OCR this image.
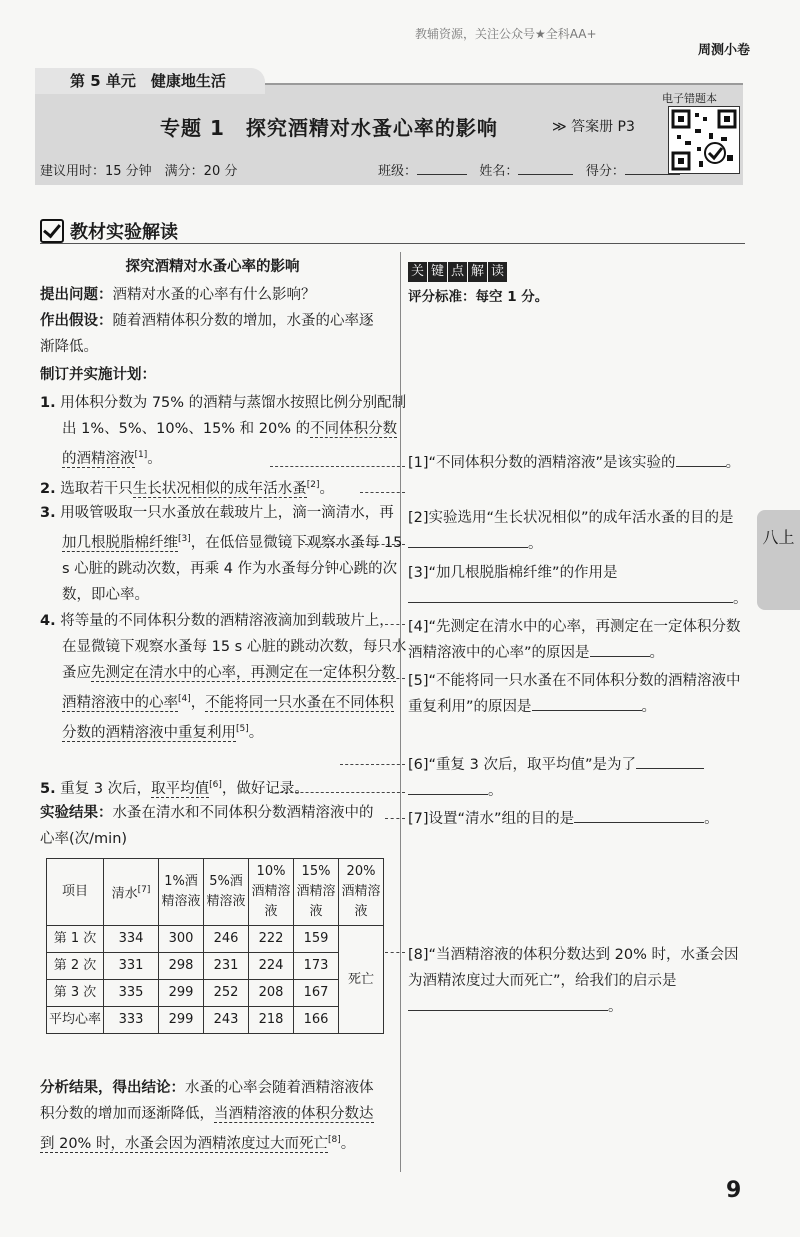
教辅资源，关注公众号★全科AA+
周测小卷
第 5 单元　健康地生活
专题 1　探究酒精对水蚤心率的影响	≫ 答案册 P3
电子错题本
建议用时：15 分钟　满分：20 分	班级：	姓名：	得分：
教材实验解读
探究酒精对水蚤心率的影响
提出问题：酒精对水蚤的心率有什么影响？
作出假设：随着酒精体积分数的增加，水蚤的心率逐渐降低。
制订并实施计划：
1. 用体积分数为 75% 的酒精与蒸馏水按照比例分别配制出 1%、5%、10%、15% 和 20% 的不同体积分数的酒精溶液[1]。
2. 选取若干只生长状况相似的成年活水蚤[2]。
3. 用吸管吸取一只水蚤放在载玻片上，滴一滴清水，再加几根脱脂棉纤维[3]，在低倍显微镜下观察水蚤每 15 s 心脏的跳动次数，再乘 4 作为水蚤每分钟心跳的次数，即心率。
4. 将等量的不同体积分数的酒精溶液滴加到载玻片上，在显微镜下观察水蚤每 15 s 心脏的跳动次数，每只水蚤应先测定在清水中的心率，再测定在一定体积分数酒精溶液中的心率[4]，不能将同一只水蚤在不同体积分数的酒精溶液中重复利用[5]。
5. 重复 3 次后，取平均值[6]，做好记录。
实验结果：水蚤在清水和不同体积分数酒精溶液中的心率(次/min)
项目	清水[7]	1%酒精溶液	5%酒精溶液	10%酒精溶液	15%酒精溶液	20%酒精溶液
第 1 次	334	300	246	222	159	死亡
第 2 次	331	298	231	224	173	
第 3 次	335	299	252	208	167	
平均心率	333	299	243	218	166	
分析结果，得出结论：水蚤的心率会随着酒精溶液体积分数的增加而逐渐降低，当酒精溶液的体积分数达到 20% 时，水蚤会因为酒精浓度过大而死亡[8]。
关 键 点 解 读
评分标准：每空 1 分。
[1]“不同体积分数的酒精溶液”是该实验的	。
[2]实验选用“生长状况相似”的成年活水蚤的目的是。
[3]“加几根脱脂棉纤维”的作用是
。
[4]“先测定在清水中的心率，再测定在一定体积分数酒精溶液中的心率”的原因是	。
[5]“不能将同一只水蚤在不同体积分数的酒精溶液中重复利用”的原因是	。
[6]“重复 3 次后，取平均值”是为了
。
[7]设置“清水”组的目的是	。
[8]“当酒精溶液的体积分数达到 20% 时，水蚤会因为酒精浓度过大而死亡”，给我们的启示是。
八上
9
